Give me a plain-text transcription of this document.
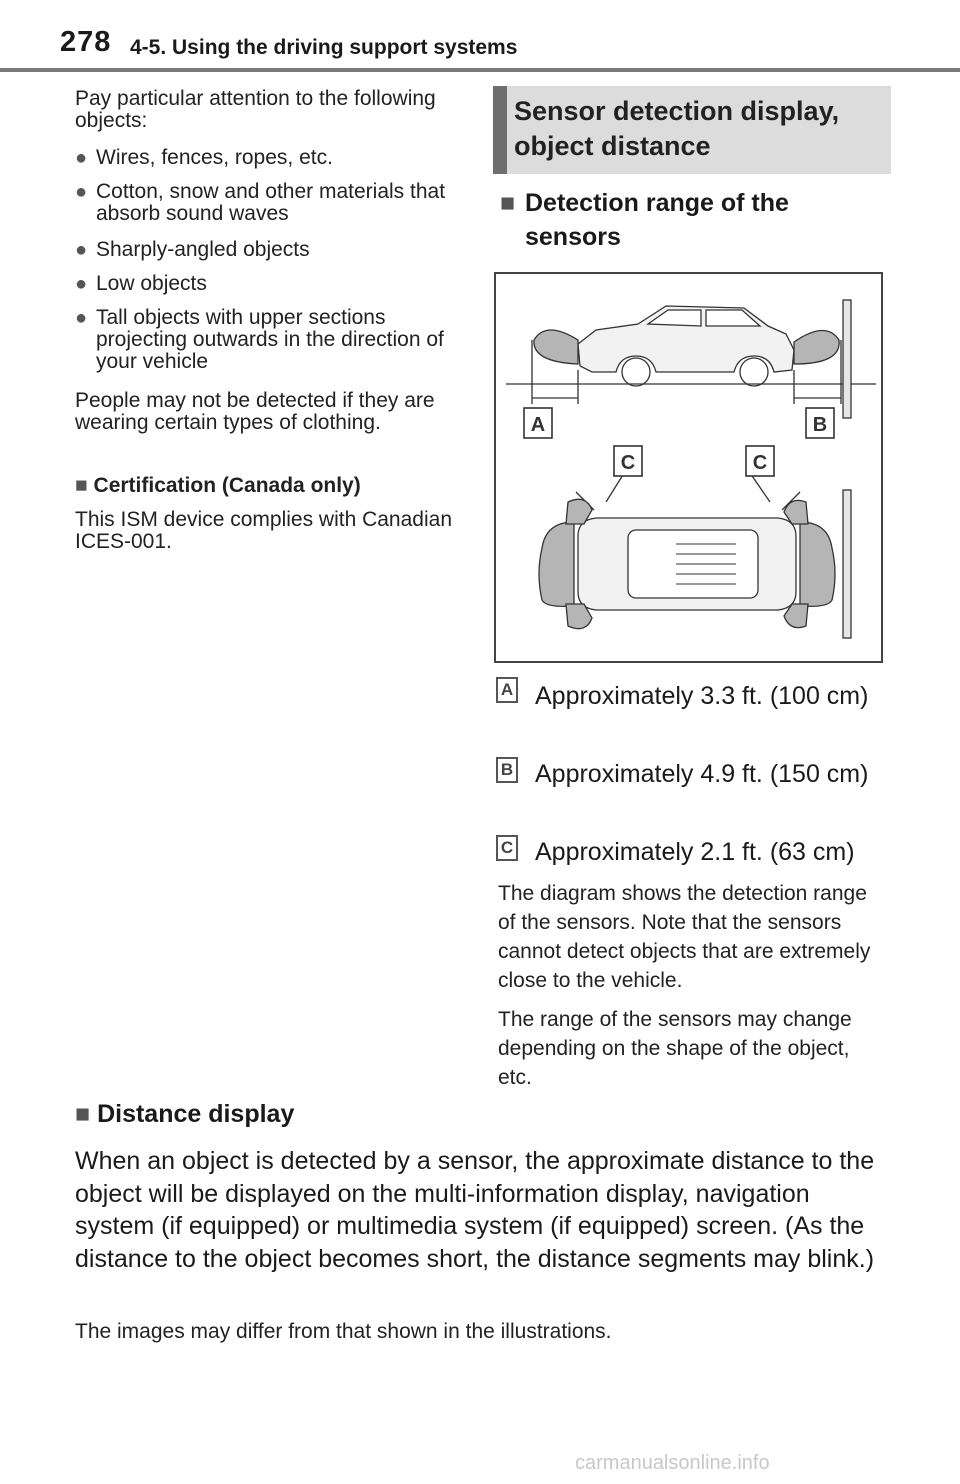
278 4-5. Using the driving support systems
Pay particular attention to the following objects:
● Wires, fences, ropes, etc.
● Cotton, snow and other materials that absorb sound waves
● Sharply-angled objects
● Low objects
● Tall objects with upper sections projecting outwards in the direction of your vehicle
People may not be detected if they are wearing certain types of clothing.
■ Certification (Canada only)
This ISM device complies with Canadian ICES-001.
Sensor detection display, object distance
■ Detection range of the sensors
A	B
C	C
A Approximately 3.3 ft. (100 cm)
B Approximately 4.9 ft. (150 cm)
C Approximately 2.1 ft. (63 cm)
The diagram shows the detection range of the sensors. Note that the sensors cannot detect objects that are extremely close to the vehicle.
The range of the sensors may change depending on the shape of the object, etc.
■ Distance display
When an object is detected by a sensor, the approximate distance to the object will be displayed on the multi-information display, navigation system (if equipped) or multimedia system (if equipped) screen. (As the distance to the object becomes short, the distance segments may blink.)
The images may differ from that shown in the illustrations.
carmanualsonline.info
